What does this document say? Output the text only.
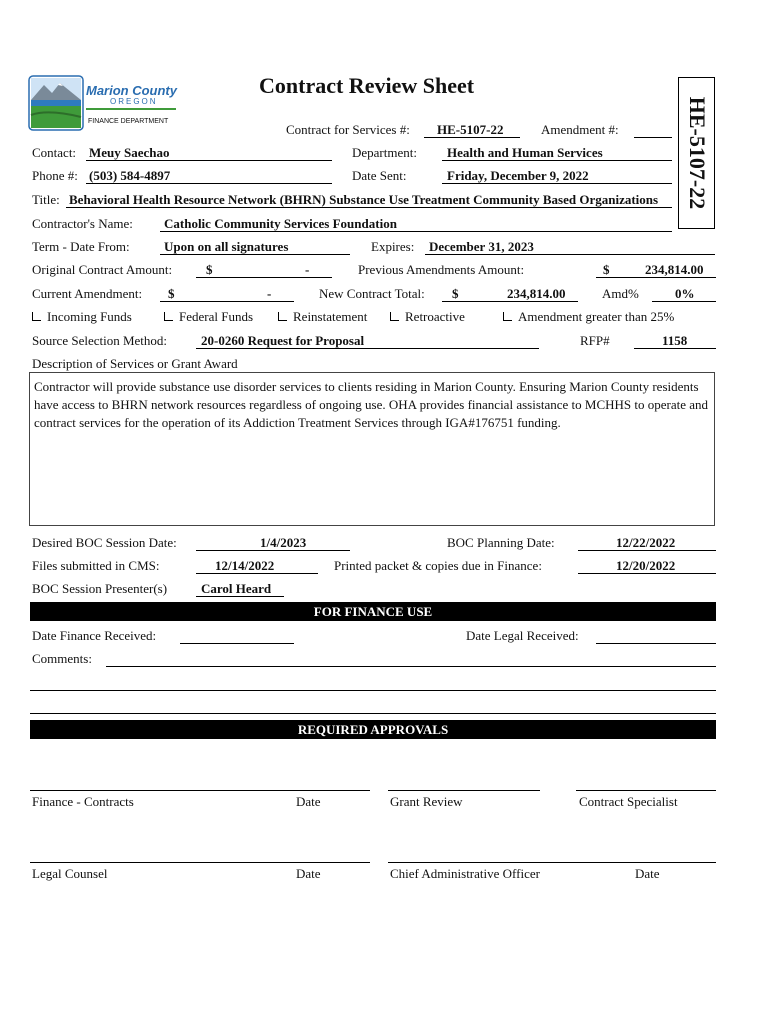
Marion County
OREGON
FINANCE DEPARTMENT
Contract Review Sheet
HE-5107-22
Contract for Services #: HE-5107-22	Amendment #:
Contact: Meuy Saechao	Department: Health and Human Services
Phone #: (503) 584-4897	Date Sent:	Friday, December 9, 2022
Title: Behavioral Health Resource Network (BHRN) Substance Use Treatment Community Based Organizations
Contractor's Name: Catholic Community Services Foundation
Term - Date From:	Upon on all signatures	Expires: December 31, 2023
Original Contract Amount:	$	-	Previous Amendments Amount:	$	234,814.00
Current Amendment: $	-	New Contract Total: $	234,814.00	Amd%	0%
Incoming Funds	Federal Funds	Reinstatement	Retroactive	Amendment greater than 25%
Source Selection Method:	20-0260 Request for Proposal	RFP#	1158
Description of Services or Grant Award
Contractor will provide substance use disorder services to clients residing in Marion County. Ensuring Marion County residents have access to BHRN network resources regardless of ongoing use. OHA provides financial assistance to MCHHS to operate and contract services for the operation of its Addiction Treatment Services through IGA#176751 funding.
Desired BOC Session Date:	1/4/2023	BOC Planning Date:	12/22/2022
Files submitted in CMS:	12/14/2022	Printed packet & copies due in Finance:	12/20/2022
BOC Session Presenter(s)	Carol Heard
FOR FINANCE USE
Date Finance Received:	Date Legal Received:
Comments:
REQUIRED APPROVALS
Finance - Contracts	Date	Grant Review	Contract Specialist
Legal Counsel	Date	Chief Administrative Officer	Date
